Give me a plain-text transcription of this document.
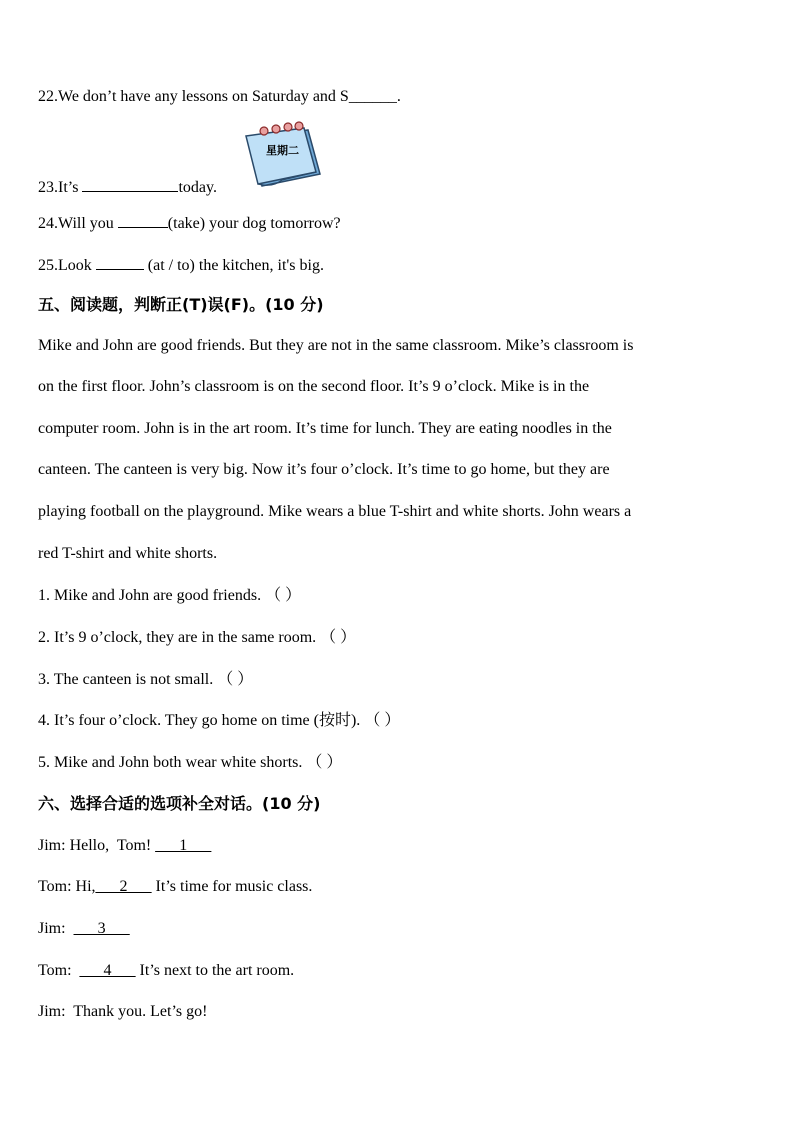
22.We don’t have any lessons on Saturday and S______.
星期二
23.It’s	today.
24.Will you	(take) your dog tomorrow?
25.Look	(at / to) the kitchen, it's big.
五、阅读题，判断正(T)误(F)。(10 分)
Mike and John are good friends. But they are not in the same classroom. Mike’s classroom is
on the first floor. John’s classroom is on the second floor. It’s 9 o’clock. Mike is in the
computer room. John is in the art room. It’s time for lunch. They are eating noodles in the
canteen. The canteen is very big. Now it’s four o’clock. It’s time to go home, but they are
playing football on the playground. Mike wears a blue T-shirt and white shorts. John wears a
red T-shirt and white shorts.
1. Mike and John are good friends. （ ）
2. It’s 9 o’clock, they are in the same room. （ ）
3. The canteen is not small. （ ）
4. It’s four o’clock. They go home on time (按时). （ ）
5. Mike and John both wear white shorts. （ ）
六、选择合适的选项补全对话。(10 分)
Jim: Hello,  Tom! ___1___
Tom: Hi,___2___ It’s time for music class.
Jim: ___3___
Tom: ___4___ It’s next to the art room.
Jim:  Thank you. Let’s go!
